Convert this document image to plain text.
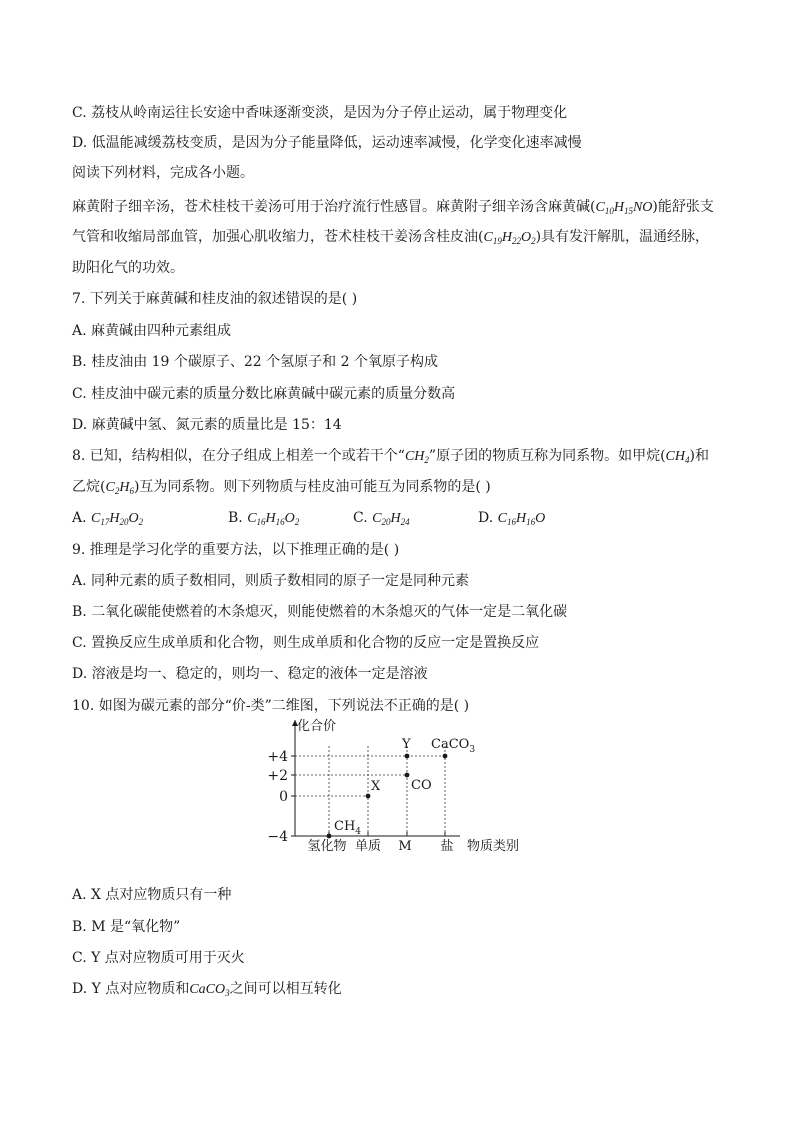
C. 荔枝从岭南运往长安途中香味逐渐变淡，是因为分子停止运动，属于物理变化
D. 低温能减缓荔枝变质，是因为分子能量降低，运动速率减慢，化学变化速率减慢
阅读下列材料，完成各小题。
麻黄附子细辛汤，苍术桂枝干姜汤可用于治疗流行性感冒。麻黄附子细辛汤含麻黄碱$(C_{10}H_{15}NO)$能舒张支
气管和收缩局部血管，加强心肌收缩力，苍术桂枝干姜汤含桂皮油$(C_{19}H_{22}O_2)$具有发汗解肌，温通经脉，
助阳化气的功效。
7. 下列关于麻黄碱和桂皮油的叙述错误的是( )
A. 麻黄碱由四种元素组成
B. 桂皮油由 19 个碳原子、22 个氢原子和 2 个氧原子构成
C. 桂皮油中碳元素的质量分数比麻黄碱中碳元素的质量分数高
D. 麻黄碱中氢、氮元素的质量比是 15：14
8. 已知，结构相似，在分子组成上相差一个或若干个“$CH_2$”原子团的物质互称为同系物。如甲烷$(CH_4)$和
乙烷$(C_2H_6)$互为同系物。则下列物质与桂皮油可能互为同系物的是( )
A. $C_{17}H_{20}O_2$	B. $C_{16}H_{16}O_2$	C. $C_{20}H_{24}$	D. $C_{16}H_{16}O$
9. 推理是学习化学的重要方法，以下推理正确的是( )
A. 同种元素的质子数相同，则质子数相同的原子一定是同种元素
B. 二氧化碳能使燃着的木条熄灭，则能使燃着的木条熄灭的气体一定是二氧化碳
C. 置换反应生成单质和化合物，则生成单质和化合物的反应一定是置换反应
D. 溶液是均一、稳定的，则均一、稳定的液体一定是溶液
10. 如图为碳元素的部分“价-类”二维图，下列说法不正确的是( )
+4
+2
0
−4
氢化物 单质 M 盐
化合价
物质类别
$CH_4$
X CO
Y CaCO$_3$
A. X 点对应物质只有一种
B. M 是“氧化物”
C. Y 点对应物质可用于灭火
D. Y 点对应物质和CaCO$_3$之间可以相互转化
